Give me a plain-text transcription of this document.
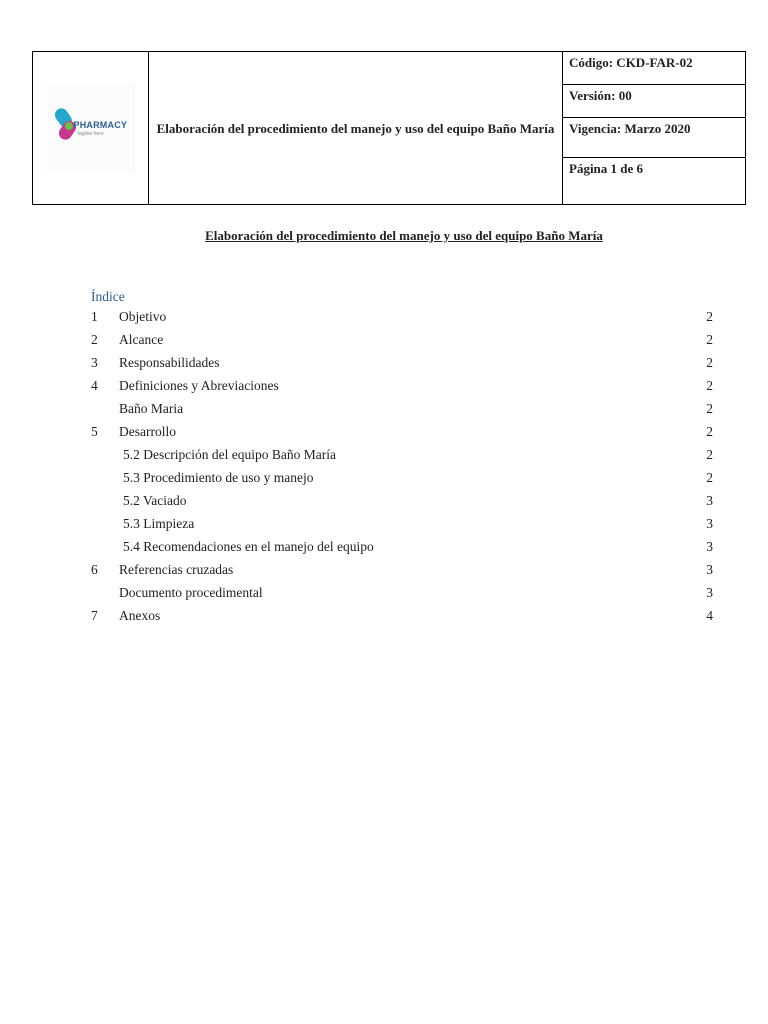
PHARMACY
tagline here	Elaboración del procedimiento del manejo y uso del equipo Baño María	
Código: CKD-FAR-02

Versión: 00

Vigencia: Marzo 2020

Página 1 de 6
Elaboración del procedimiento del manejo y uso del equipo Baño María
Índice
1 Objetivo	2
2 Alcance	2
3 Responsabilidades	2
4 Definiciones y Abreviaciones	2
Baño Maria	2
5 Desarrollo	2
5.2 Descripción del equipo Baño María	2
5.3 Procedimiento de uso y manejo	2
5.2 Vaciado	3
5.3 Limpieza	3
5.4 Recomendaciones en el manejo del equipo	3
6 Referencias cruzadas	3
Documento procedimental	3
7 Anexos	4
